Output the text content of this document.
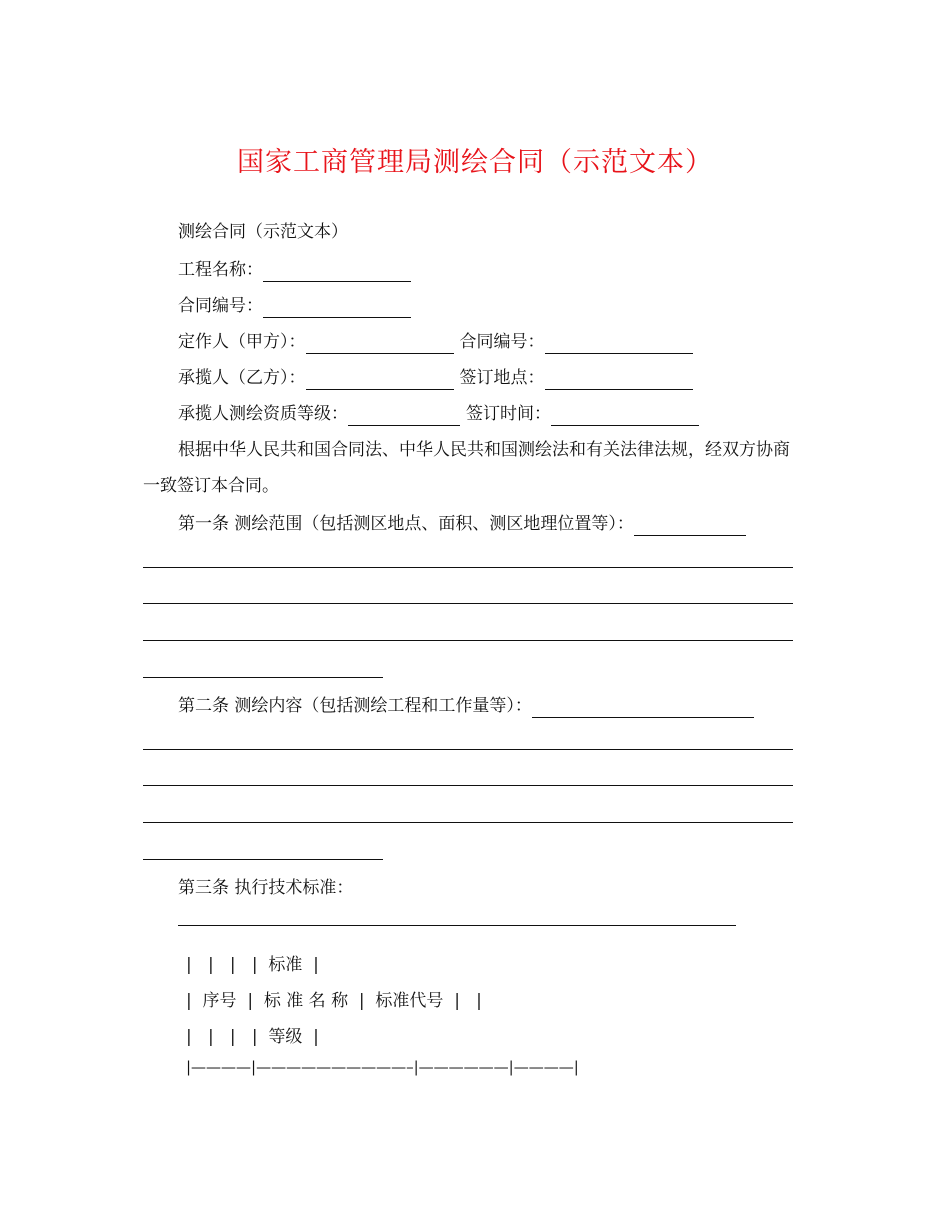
国家工商管理局测绘合同（示范文本）
测绘合同（示范文本）
工程名称：
合同编号：
定作人（甲方）：	合同编号：
承揽人（乙方）：	签订地点：
承揽人测绘资质等级：	签订时间：
根据中华人民共和国合同法、中华人民共和国测绘法和有关法律法规，经双方协商一致签订本合同。
第一条 测绘范围（包括测区地点、面积、测区地理位置等）：
第二条 测绘内容（包括测绘工程和工作量等）：
第三条 执行技术标准：
|   |   |   |  标准  |
|  序号  |  标 准 名 称  |  标准代号  |   |
|   |   |   |  等级  |
|————|——————————–|——————|————|
